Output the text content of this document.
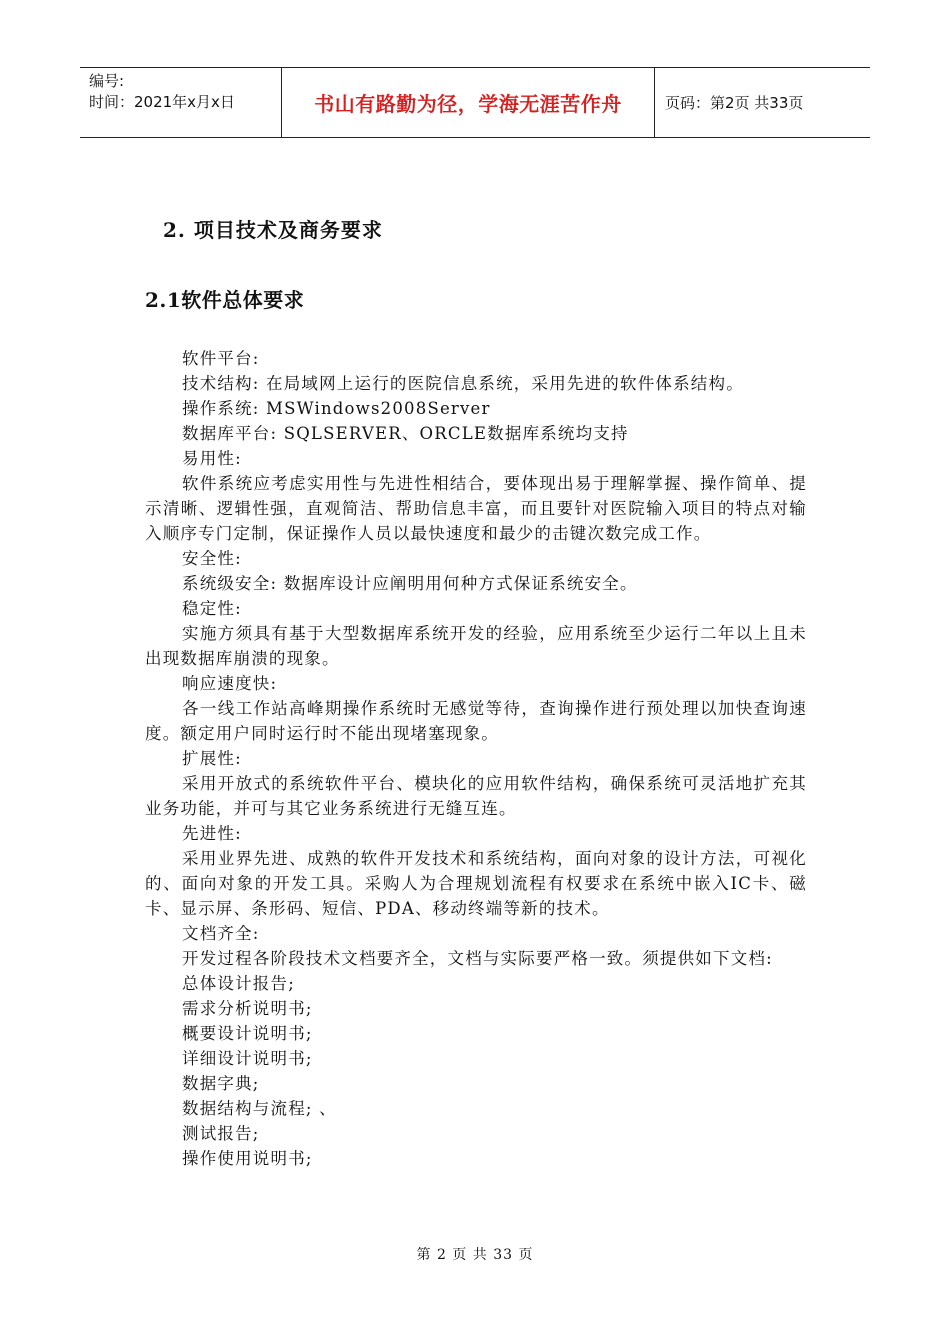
编号:
时间：2021年x月x日	书山有路勤为径，学海无涯苦作舟	页码：第2页 共33页
2. 项目技术及商务要求
2.1软件总体要求

软件平台:

技术结构: 在局域网上运行的医院信息系统，采用先进的软件体系结构。

操作系统: MSWindows2008Server

数据库平台: SQLSERVER、ORCLE数据库系统均支持

易用性:

软件系统应考虑实用性与先进性相结合，要体现出易于理解掌握、操作简单、提示清晰、逻辑性强，直观简洁、帮助信息丰富，而且要针对医院输入项目的特点对输入顺序专门定制，保证操作人员以最快速度和最少的击键次数完成工作。

安全性:

系统级安全: 数据库设计应阐明用何种方式保证系统安全。

稳定性:

实施方须具有基于大型数据库系统开发的经验，应用系统至少运行二年以上且未出现数据库崩溃的现象。

响应速度快:

各一线工作站高峰期操作系统时无感觉等待，查询操作进行预处理以加快查询速度。额定用户同时运行时不能出现堵塞现象。

扩展性:

采用开放式的系统软件平台、模块化的应用软件结构，确保系统可灵活地扩充其业务功能，并可与其它业务系统进行无缝互连。

先进性:

采用业界先进、成熟的软件开发技术和系统结构，面向对象的设计方法，可视化的、面向对象的开发工具。采购人为合理规划流程有权要求在系统中嵌入IC卡、磁卡、显示屏、条形码、短信、PDA、移动终端等新的技术。

文档齐全:

开发过程各阶段技术文档要齐全，文档与实际要严格一致。须提供如下文档:

总体设计报告;

需求分析说明书;

概要设计说明书;

详细设计说明书;

数据字典;

数据结构与流程; 、

测试报告;

操作使用说明书;

第 2 页 共 33 页
